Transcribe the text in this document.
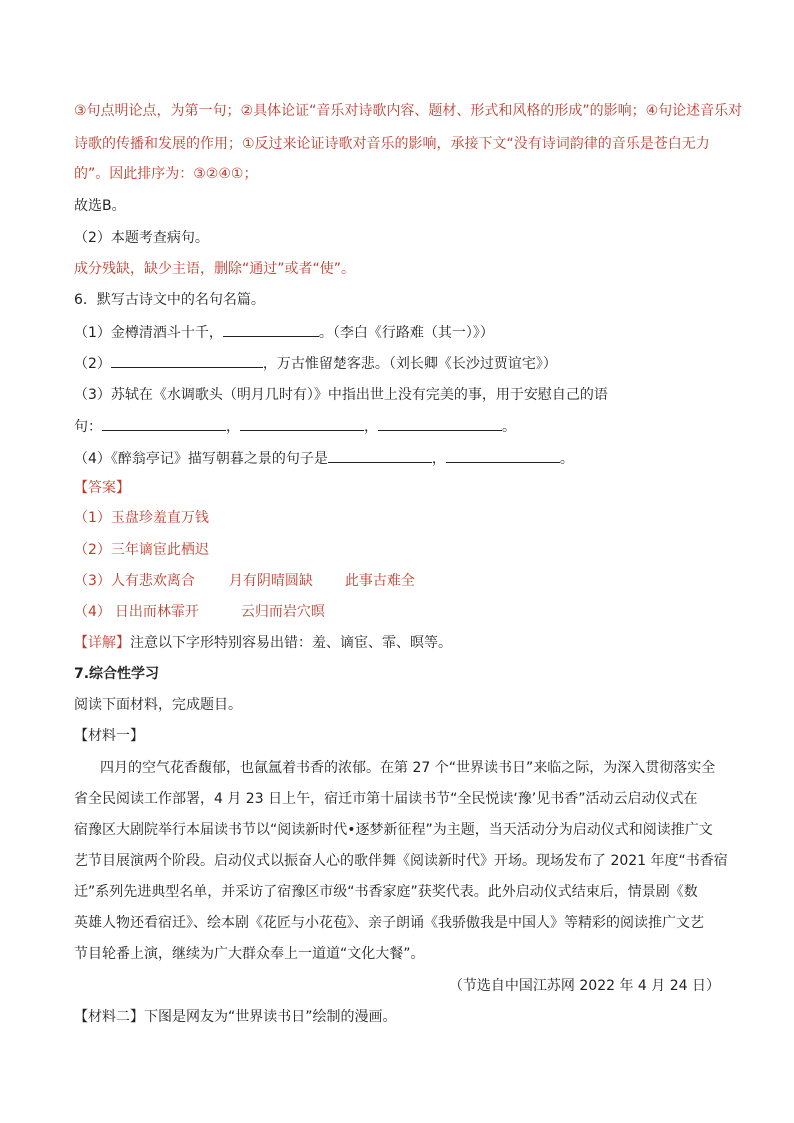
③句点明论点，为第一句；②具体论证“音乐对诗歌内容、题材、形式和风格的形成”的影响；④句论述音乐对
诗歌的传播和发展的作用；①反过来论证诗歌对音乐的影响，承接下文“没有诗词韵律的音乐是苍白无力
的”。因此排序为：③②④①；
故选B。
（2）本题考查病句。
成分残缺，缺少主语，删除“通过”或者“使”。
6．默写古诗文中的名句名篇。
（1）金樽清酒斗十千，	。（李白《行路难（其一）》）
（2）	，万古惟留楚客悲。（刘长卿《长沙过贾谊宅》）
（3）苏轼在《水调歌头（明月几时有）》中指出世上没有完美的事，用于安慰自己的语
句：	，	，	。
（4）《醉翁亭记》描写朝暮之景的句子是	，	。
【答案】
（1）玉盘珍羞直万钱
（2）三年谪宦此栖迟
（3）人有悲欢离合 月有阴晴圆缺 此事古难全
（4） 日出而林霏开	云归而岩穴暝
【详解】注意以下字形特别容易出错：羞、谪宦、霏、暝等。
7.综合性学习
阅读下面材料，完成题目。
【材料一】
四月的空气花香馥郁，也氤氲着书香的浓郁。在第 27 个“世界读书日”来临之际，为深入贯彻落实全
省全民阅读工作部署，4 月 23 日上午，宿迁市第十届读书节“全民悦读‘豫’见书香”活动云启动仪式在
宿豫区大剧院举行本届读书节以“阅读新时代•逐梦新征程”为主题，当天活动分为启动仪式和阅读推广文
艺节目展演两个阶段。启动仪式以振奋人心的歌伴舞《阅读新时代》开场。现场发布了 2021 年度“书香宿
迁”系列先进典型名单，并采访了宿豫区市级“书香家庭”获奖代表。此外启动仪式结束后，情景剧《数
英雄人物还看宿迁》、绘本剧《花匠与小花苞》、亲子朗诵《我骄傲我是中国人》等精彩的阅读推广文艺
节目轮番上演，继续为广大群众奉上一道道“文化大餐”。
（节选自中国江苏网 2022 年 4 月 24 日）
【材料二】下图是网友为“世界读书日”绘制的漫画。
